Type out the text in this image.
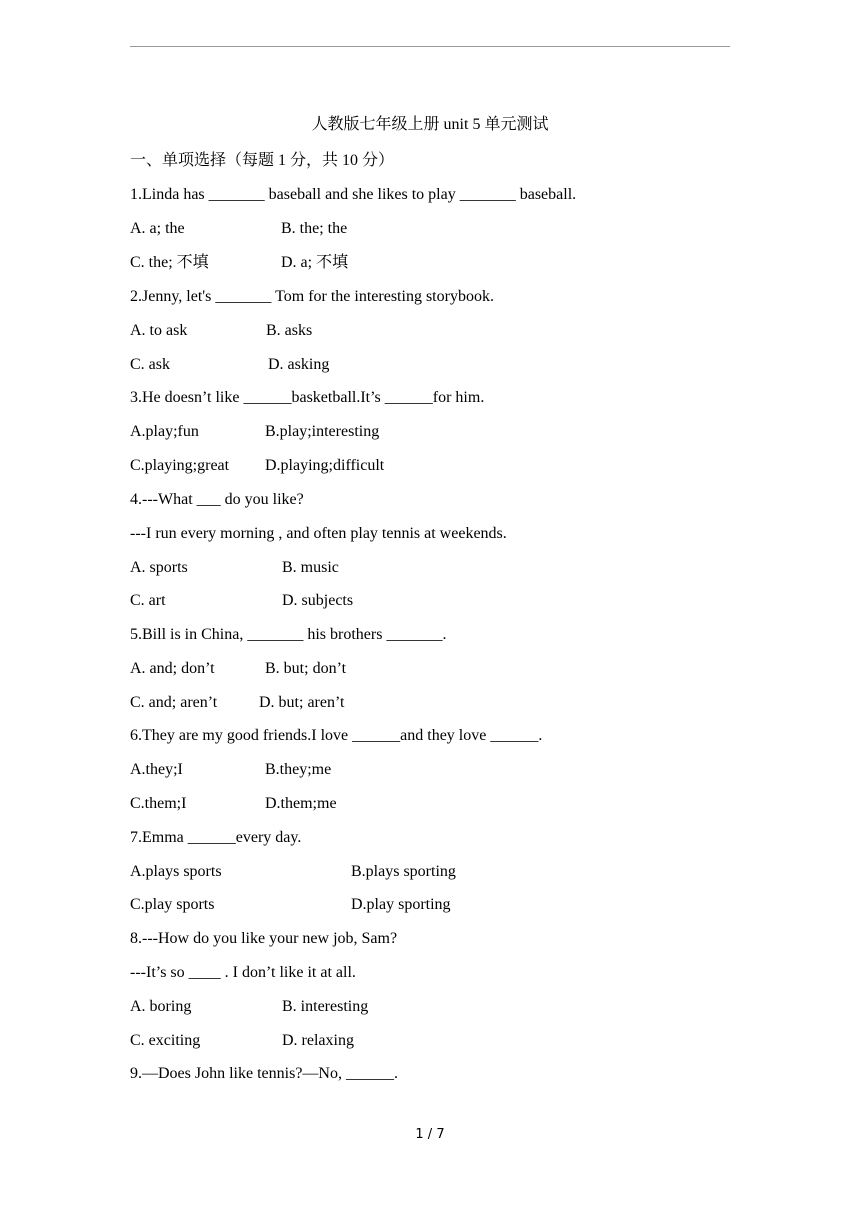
人教版七年级上册 unit 5 单元测试
一、单项选择（每题 1 分，共 10 分）
1.Linda has _______ baseball and she likes to play _______ baseball.
A. a; the	B. the; the
C. the; 不填	D. a; 不填
2.Jenny, let's _______ Tom for the interesting storybook.
A. to ask	B. asks
C. ask	D. asking
3.He doesn’t like ______basketball.It’s ______for him.
A.play;fun	B.play;interesting
C.playing;great D.playing;difficult
4.---What ___ do you like?
---I run every morning , and often play tennis at weekends.
A. sports	B. music
C. art	D. subjects
5.Bill is in China, _______ his brothers _______.
A. and; don’t	B. but; don’t
C. and; aren’t	D. but; aren’t
6.They are my good friends.I love ______and they love ______.
A.they;I	B.they;me
C.them;I	D.them;me
7.Emma ______every day.
A.plays sports	B.plays sporting
C.play sports	D.play sporting
8.---How do you like your new job, Sam?
---It’s so ____ . I don’t like it at all.
A. boring	B. interesting
C. exciting	D. relaxing
9.—Does John like tennis?—No, ______.
1 / 7
